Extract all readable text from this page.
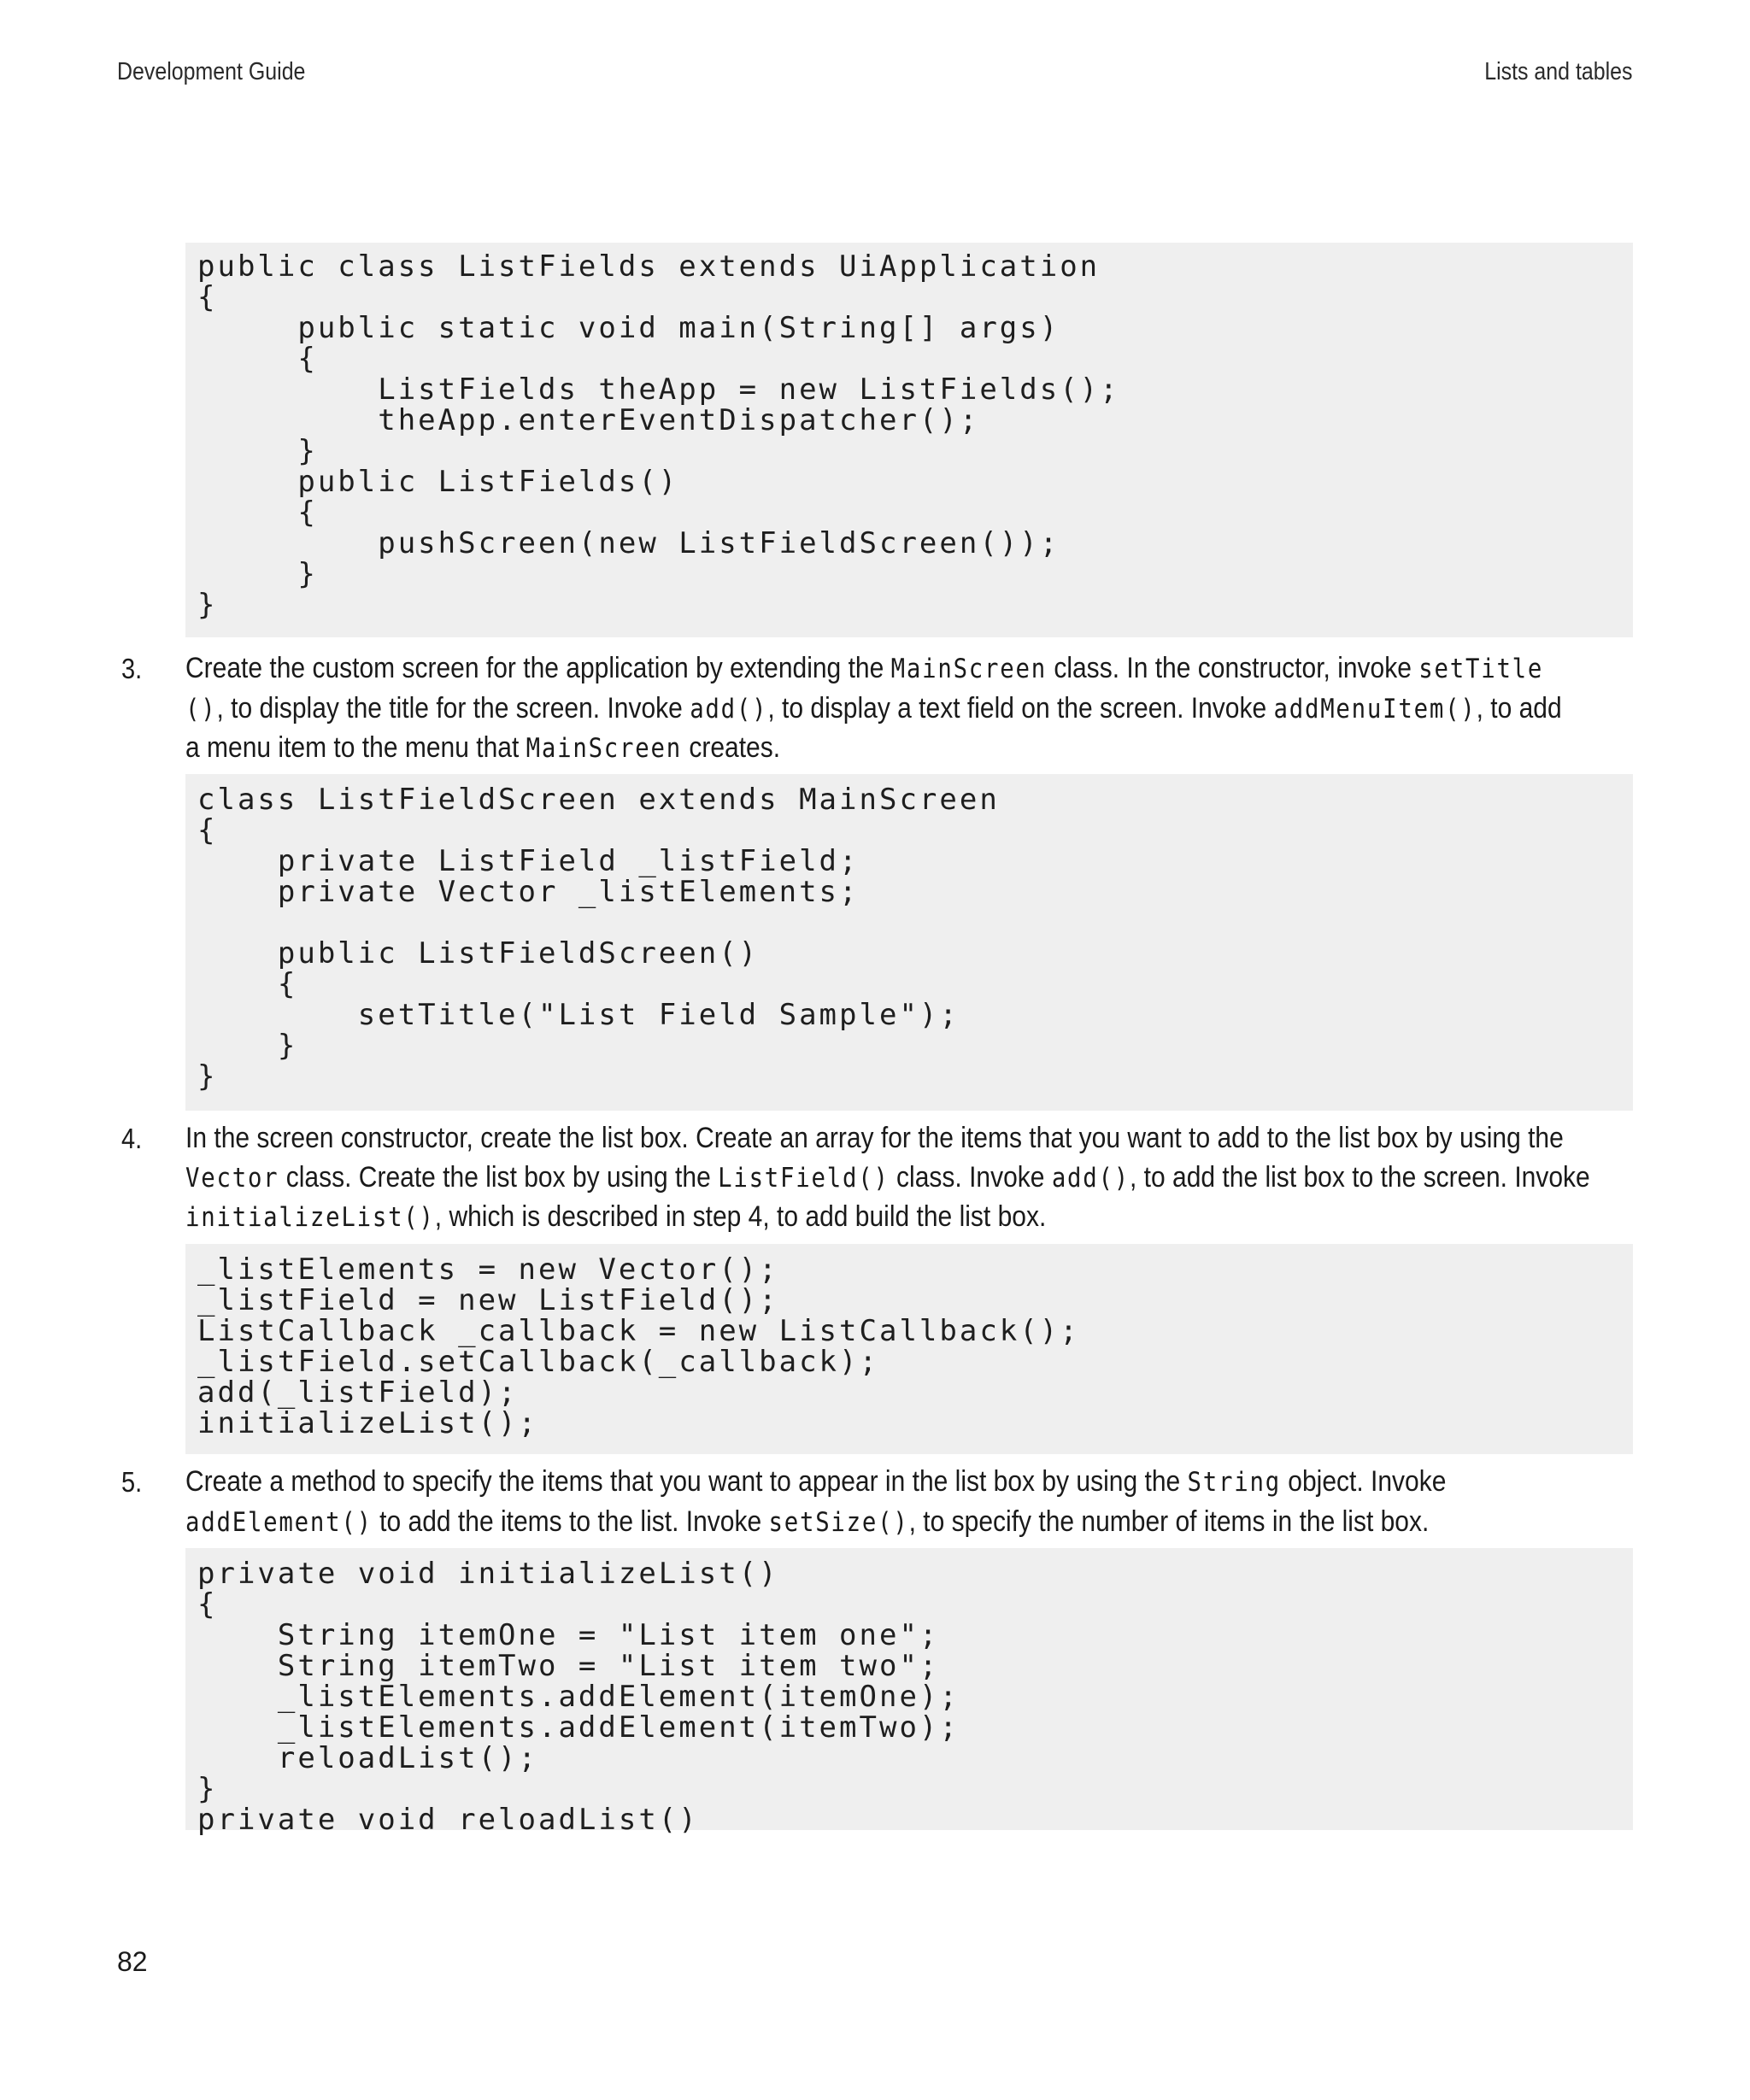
Development Guide	Lists and tables
public class ListFields extends UiApplication
{
public static void main(String[] args)
{
ListFields theApp = new ListFields();
theApp.enterEventDispatcher();
}
public ListFields()
{
pushScreen(new ListFieldScreen());
}
}
3. Create the custom screen for the application by extending the MainScreen class. In the constructor, invoke setTitle
(), to display the title for the screen. Invoke add(), to display a text field on the screen. Invoke addMenuItem(), to add
a menu item to the menu that MainScreen creates.
class ListFieldScreen extends MainScreen
{
private ListField _listField;
private Vector _listElements;
public ListFieldScreen()
{
setTitle("List Field Sample");
}
}
4. In the screen constructor, create the list box. Create an array for the items that you want to add to the list box by using the
Vector class. Create the list box by using the ListField() class. Invoke add(), to add the list box to the screen. Invoke
initializeList(), which is described in step 4, to add build the list box.
_listElements = new Vector();
_listField = new ListField();
ListCallback _callback = new ListCallback();
_listField.setCallback(_callback);
add(_listField);
initializeList();
5. Create a method to specify the items that you want to appear in the list box by using the String object. Invoke
addElement() to add the items to the list. Invoke setSize(), to specify the number of items in the list box.
private void initializeList()
{
String itemOne = "List item one";
String itemTwo = "List item two";
_listElements.addElement(itemOne);
_listElements.addElement(itemTwo);
reloadList();
}
private void reloadList()
82
